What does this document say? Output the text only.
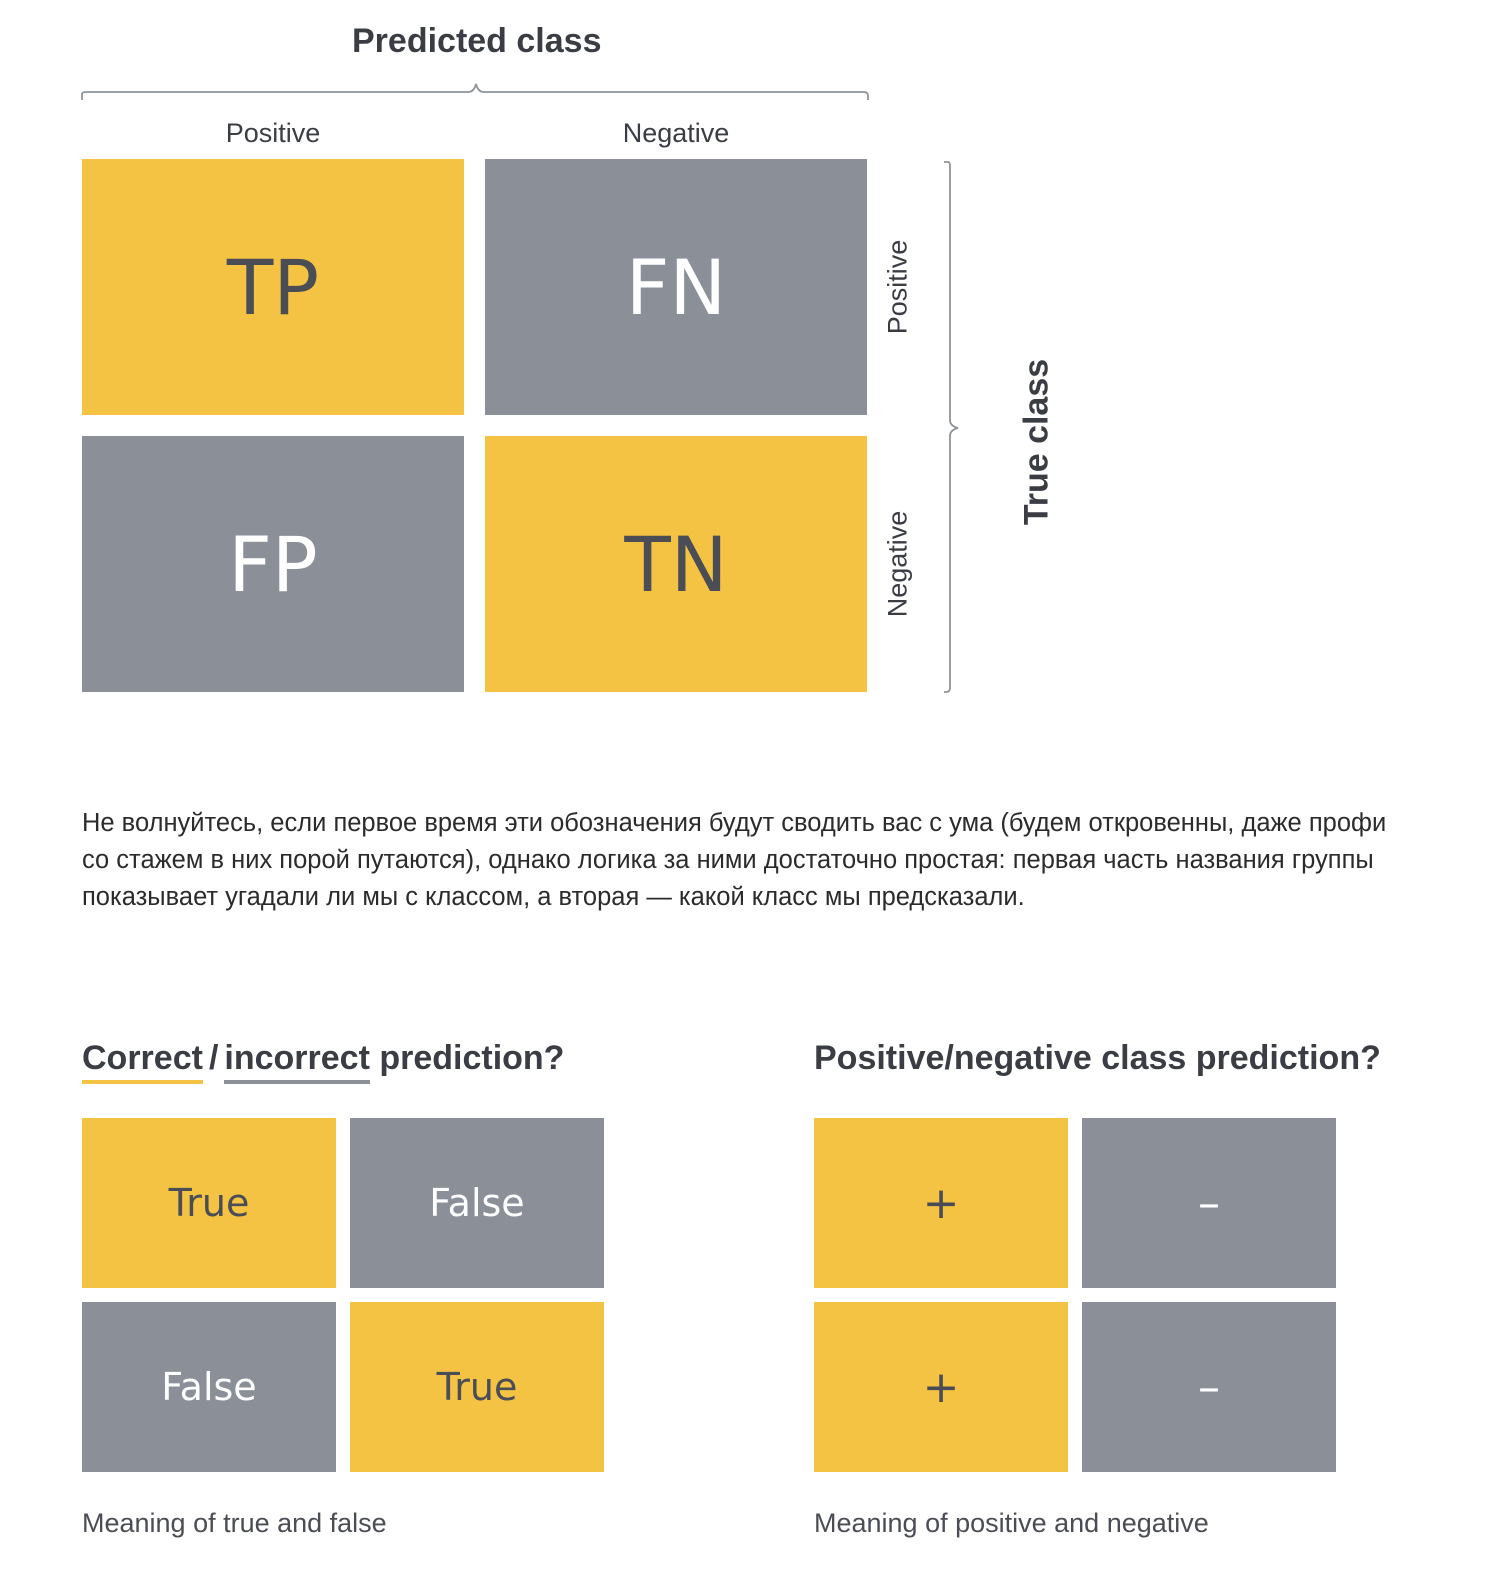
Predicted class
Positive	Negative
TP	FN
FP	TN
Positive
Negative
True class
Не волнуйтесь, если первое время эти обозначения будут сводить вас с ума (будем откровенны, даже профи со стажем в них порой путаются), однако логика за ними достаточно простая: первая часть названия группы показывает угадали ли мы с классом, а вторая — какой класс мы предсказали.
Correct / incorrect prediction?
True	False
False	True
Meaning of true and false
Positive/negative class prediction?
+	–
+	–
Meaning of positive and negative
